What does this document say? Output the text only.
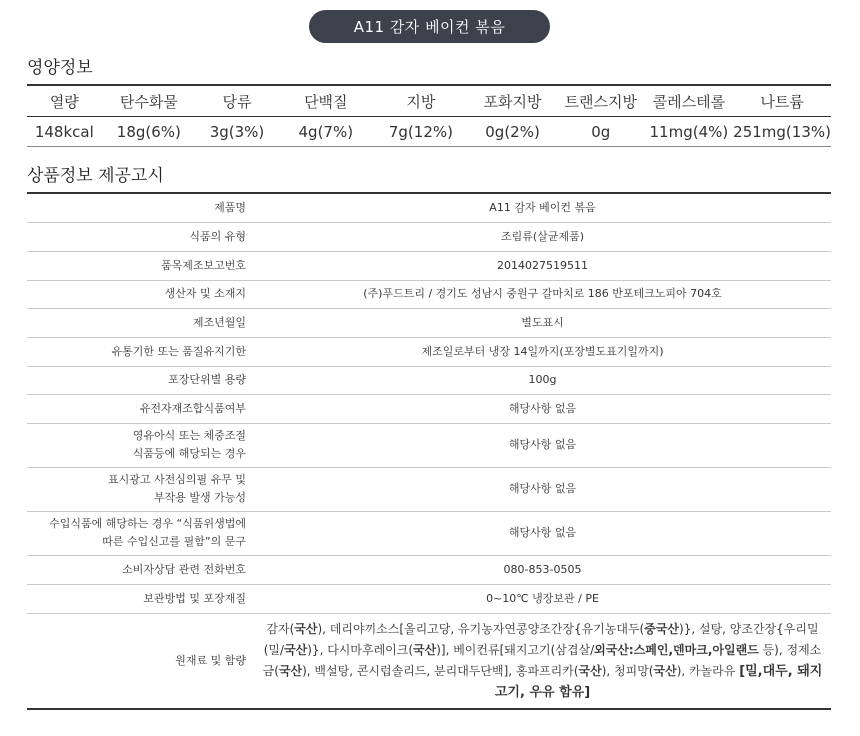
A11 감자 베이컨 볶음
영양정보
열량	탄수화물	당류	단백질	지방	포화지방	트랜스지방	콜레스테롤	나트륨
148kcal	18g(6%)	3g(3%)	4g(7%)	7g(12%)	0g(2%)	0g	11mg(4%)	251mg(13%)
상품정보 제공고시
제품명	A11 감자 베이컨 볶음

식품의 유형	조림류(살균제품)

품목제조보고번호	2014027519511

생산자 및 소재지	(주)푸드트리 / 경기도 성남시 중원구 갈마치로 186 반포테크노피아 704호

제조년월일	별도표시

유통기한 또는 품질유지기한	제조일로부터 냉장 14일까지(포장별도표기일까지)

포장단위별 용량	100g

유전자재조합식품여부	해당사항 없음

영유아식 또는 체중조절
식품등에 해당되는 경우	해당사항 없음

표시광고 사전심의필 유무 및
부작용 발생 가능성	해당사항 없음

수입식품에 해당하는 경우 “식품위생법에
따른 수입신고를 필함”의 문구	해당사항 없음

소비자상담 관련 전화번호	080-853-0505

보관방법 및 포장재질	0~10℃ 냉장보관 / PE
원재료 및 함량	감자(국산), 데리야끼소스[올리고당, 유기농자연콩양조간장{유기농대두(중국산)}, 설탕, 양조간장{우리밀(밀/국산)}, 다시마후레이크(국산)], 베이컨류[돼지고기(삼겹살/외국산:스페인,덴마크,아일랜드 등), 정제소금(국산), 백설탕, 콘시럽솔리드, 분리대두단백], 홍파프리카(국산), 청피망(국산), 카놀라유 [밀,대두, 돼지고기, 우유 함유]
